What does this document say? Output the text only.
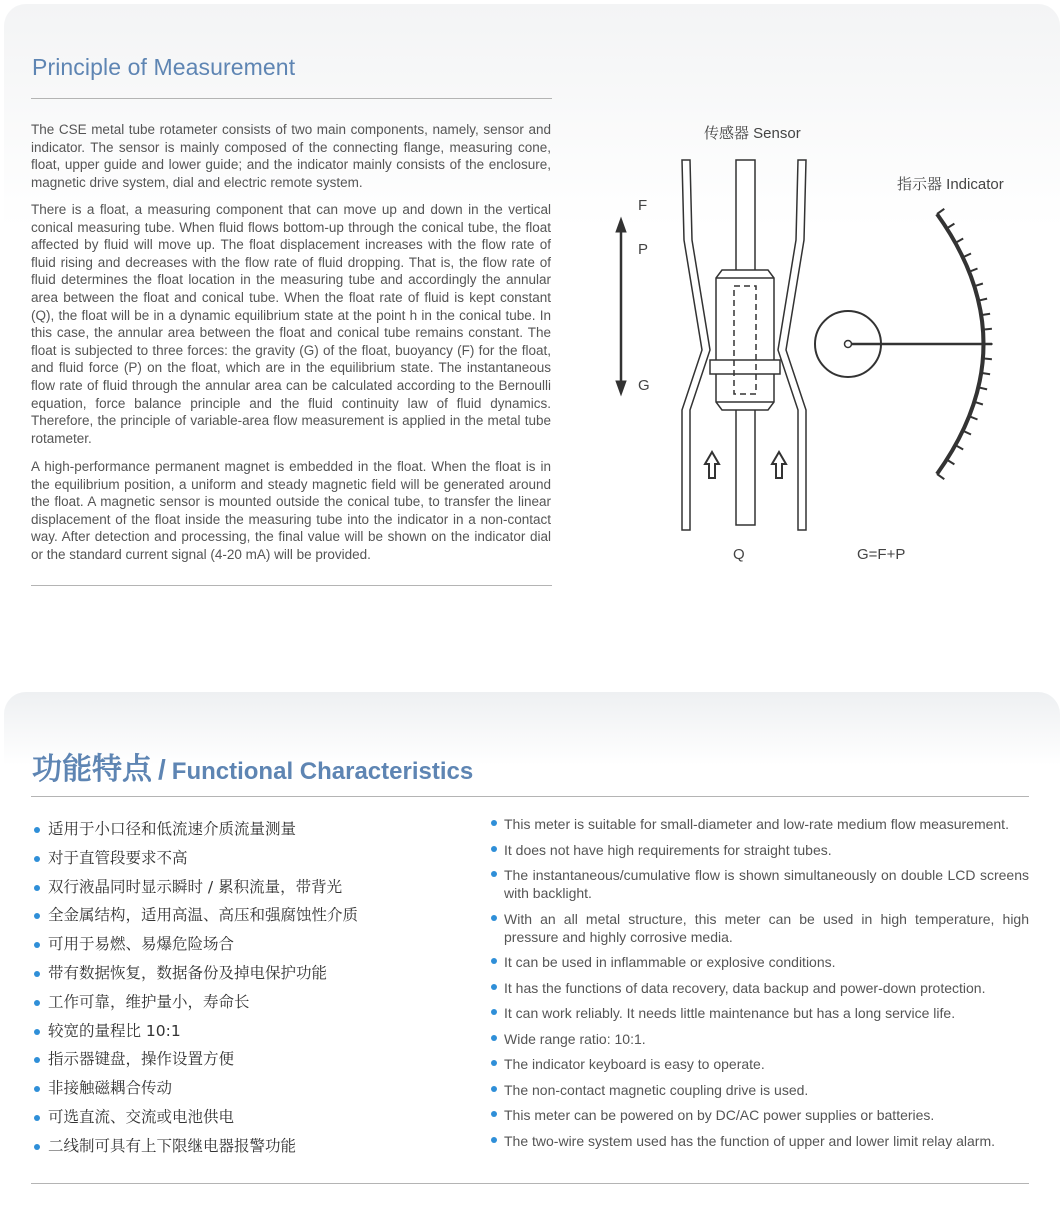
Principle of Measurement

The CSE metal tube rotameter consists of two main components, namely, sensor and indicator. The sensor is mainly composed of the connecting flange, measuring cone, float, upper guide and lower guide; and the indicator mainly consists of the enclosure, magnetic drive system, dial and electric remote system.

There is a float, a measuring component that can move up and down in the vertical conical measuring tube. When fluid flows bottom-up through the conical tube, the float affected by fluid will move up. The float displacement increases with the flow rate of fluid rising and decreases with the flow rate of fluid dropping. That is, the flow rate of fluid determines the float location in the measuring tube and accordingly the annular area between the float and conical tube. When the float rate of fluid is kept constant (Q), the float will be in a dynamic equilibrium state at the point h in the conical tube. In this case, the annular area between the float and conical tube remains constant. The float is subjected to three forces: the gravity (G) of the float, buoyancy (F) for the float, and fluid force (P) on the float, which are in the equilibrium state. The instantaneous flow rate of fluid through the annular area can be calculated according to the Bernoulli equation, force balance principle and the fluid continuity law of fluid dynamics. Therefore, the principle of variable-area flow measurement is applied in the metal tube rotameter.

A high-performance permanent magnet is embedded in the float. When the float is in the equilibrium position, a uniform and steady magnetic field will be generated around the float. A magnetic sensor is mounted outside the conical tube, to transfer the linear displacement of the float inside the measuring tube into the indicator in a non-contact way. After detection and processing, the final value will be shown on the indicator dial or the standard current signal (4-20 mA) will be provided.

传感器 Sensor
指示器 Indicator
F
P
G
Q	G=F+P
功能特点 / Functional Characteristics
适用于小口径和低流速介质流量测量
对于直管段要求不高
双行液晶同时显示瞬时 / 累积流量，带背光
全金属结构，适用高温、高压和强腐蚀性介质
可用于易燃、易爆危险场合
带有数据恢复，数据备份及掉电保护功能
工作可靠，维护量小，寿命长
较宽的量程比 10:1
指示器键盘，操作设置方便
非接触磁耦合传动
可选直流、交流或电池供电
二线制可具有上下限继电器报警功能
This meter is suitable for small-diameter and low-rate medium flow measurement.
It does not have high requirements for straight tubes.
The instantaneous/cumulative flow is shown simultaneously on double LCD screens with backlight.
With an all metal structure, this meter can be used in high temperature, high pressure and highly corrosive media.
It can be used in inflammable or explosive conditions.
It has the functions of data recovery, data backup and power-down protection.
It can work reliably. It needs little maintenance but has a long service life.
Wide range ratio: 10:1.
The indicator keyboard is easy to operate.
The non-contact magnetic coupling drive is used.
This meter can be powered on by DC/AC power supplies or batteries.
The two-wire system used has the function of upper and lower limit relay alarm.
